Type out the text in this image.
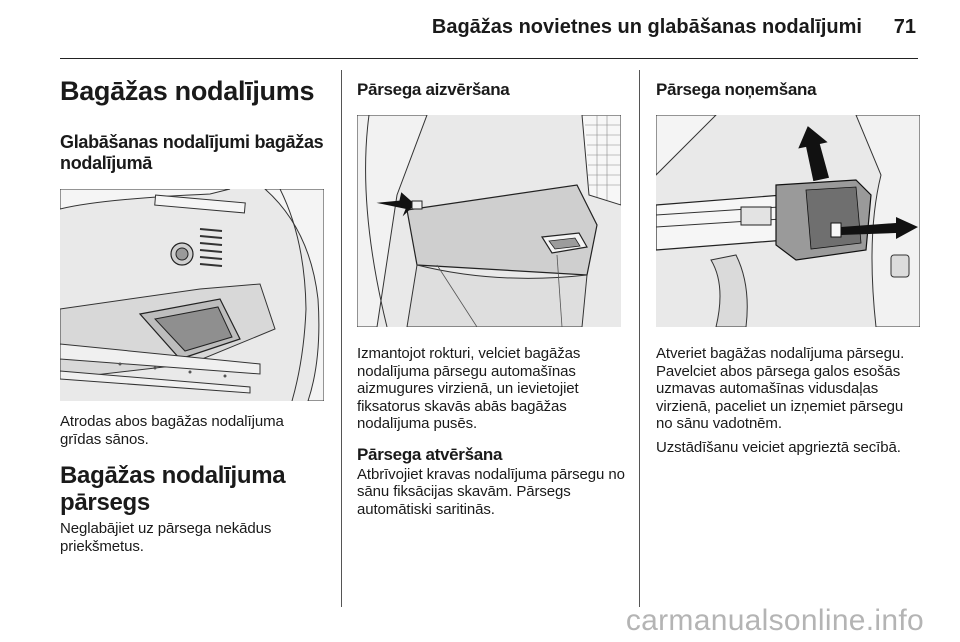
Bagāžas novietnes un glabāšanas nodalījumi 71
Bagāžas nodalījums
Glabāšanas nodalījumi bagāžas nodalījumā

Atrodas abos bagāžas nodalījuma grīdas sānos.

Bagāžas nodalījuma pārsegs

Neglabājiet uz pārsega nekādus priekšmetus.

Pārsega aizvēršana

Izmantojot rokturi, velciet bagāžas nodalījuma pārsegu automašīnas aizmugures virzienā, un ievietojiet fiksatorus skavās abās bagāžas nodalījuma pusēs.

Pārsega atvēršana

Atbrīvojiet kravas nodalījuma pārsegu no sānu fiksācijas skavām. Pārsegs automātiski saritinās.

Pārsega noņemšana

Atveriet bagāžas nodalījuma pārsegu. Pavelciet abos pārsega galos esošās uzmavas automašīnas vidusdaļas virzienā, paceliet un izņemiet pārsegu no sānu vadotnēm.

Uzstādīšanu veiciet apgrieztā secībā.

carmanualsonline.info
